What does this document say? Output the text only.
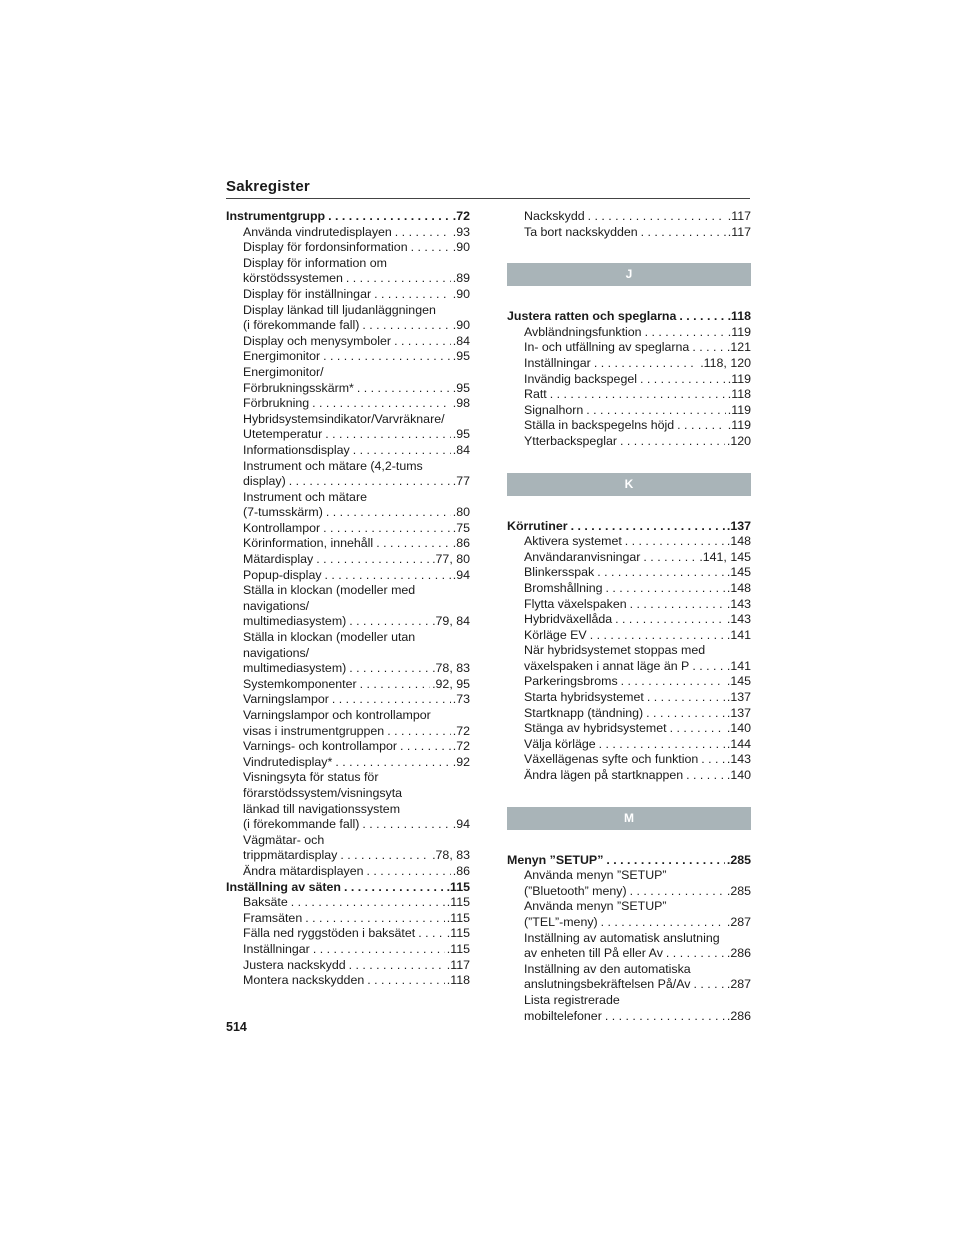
Sakregister
Instrumentgrupp . . .	.72
Använda vindrutedisplayen . . .	.93
Display för fordonsinformation . . .	.90
Display för information om
körstödssystemen . . .	.89
Display för inställningar . . .	.90
Display länkad till ljudanläggningen
(i förekommande fall) . . .	.90
Display och menysymboler . . .	.84
Energimonitor . . .	.95
Energimonitor/
Förbrukningsskärm* . . .	.95
Förbrukning . . .	.98
Hybridsystemsindikator/Varvräknare/
Utetemperatur . . .	.95
Informationsdisplay . . .	.84
Instrument och mätare (4,2-tums
display) . . .	.77
Instrument och mätare
(7-tumsskärm) . . .	.80
Kontrollampor . . .	.75
Körinformation, innehåll . . .	.86
Mätardisplay . . .	.77, 80
Popup-display . . .	.94
Ställa in klockan (modeller med
navigations/
multimediasystem) . . .	.79, 84
Ställa in klockan (modeller utan
navigations/
multimediasystem) . . .	.78, 83
Systemkomponenter . . .	.92, 95
Varningslampor . . .	.73
Varningslampor och kontrollampor
visas i instrumentgruppen . . .	.72
Varnings- och kontrollampor . . .	.72
Vindrutedisplay* . . .	.92
Visningsyta för status för
förarstödssystem/visningsyta
länkad till navigationssystem
(i förekommande fall) . . .	.94
Vägmätar- och
trippmätardisplay . . .	.78, 83
Ändra mätardisplayen . . .	.86
Inställning av säten . . .	.115
Baksäte . . .	.115
Framsäten . . .	.115
Fälla ned ryggstöden i baksätet . . .	.115
Inställningar . . .	.115
Justera nackskydd . . .	.117
Montera nackskydden . . .	.118
Nackskydd . . .	.117
Ta bort nackskydden . . .	.117
J
Justera ratten och speglarna . . .	.118
Avbländningsfunktion . . .	.119
In- och utfällning av speglarna . . .	.121
Inställningar . . .	.118, 120
Invändig backspegel . . .	.119
Ratt . . .	.118
Signalhorn . . .	.119
Ställa in backspegelns höjd . . .	.119
Ytterbackspeglar . . .	.120
K
Körrutiner . . .	.137
Aktivera systemet . . .	.148
Användaranvisningar . . .	.141, 145
Blinkersspak . . .	.145
Bromshållning . . .	.148
Flytta växelspaken . . .	.143
Hybridväxellåda . . .	.143
Körläge EV . . .	.141
När hybridsystemet stoppas med
växelspaken i annat läge än P . . .	.141
Parkeringsbroms . . .	.145
Starta hybridsystemet . . .	.137
Startknapp (tändning) . . .	.137
Stänga av hybridsystemet . . .	.140
Välja körläge . . .	.144
Växellägenas syfte och funktion . . . .143
Ändra lägen på startknappen . . .	.140
M
Menyn ”SETUP” . . .	.285
Använda menyn ”SETUP”
(”Bluetooth” meny) . . .	.285
Använda menyn ”SETUP”
(”TEL”-meny) . . .	.287
Inställning av automatisk anslutning
av enheten till På eller Av . . .	.286
Inställning av den automatiska
anslutningsbekräftelsen På/Av . . .	.287
Lista registrerade
mobiltelefoner . . .	.286
514
